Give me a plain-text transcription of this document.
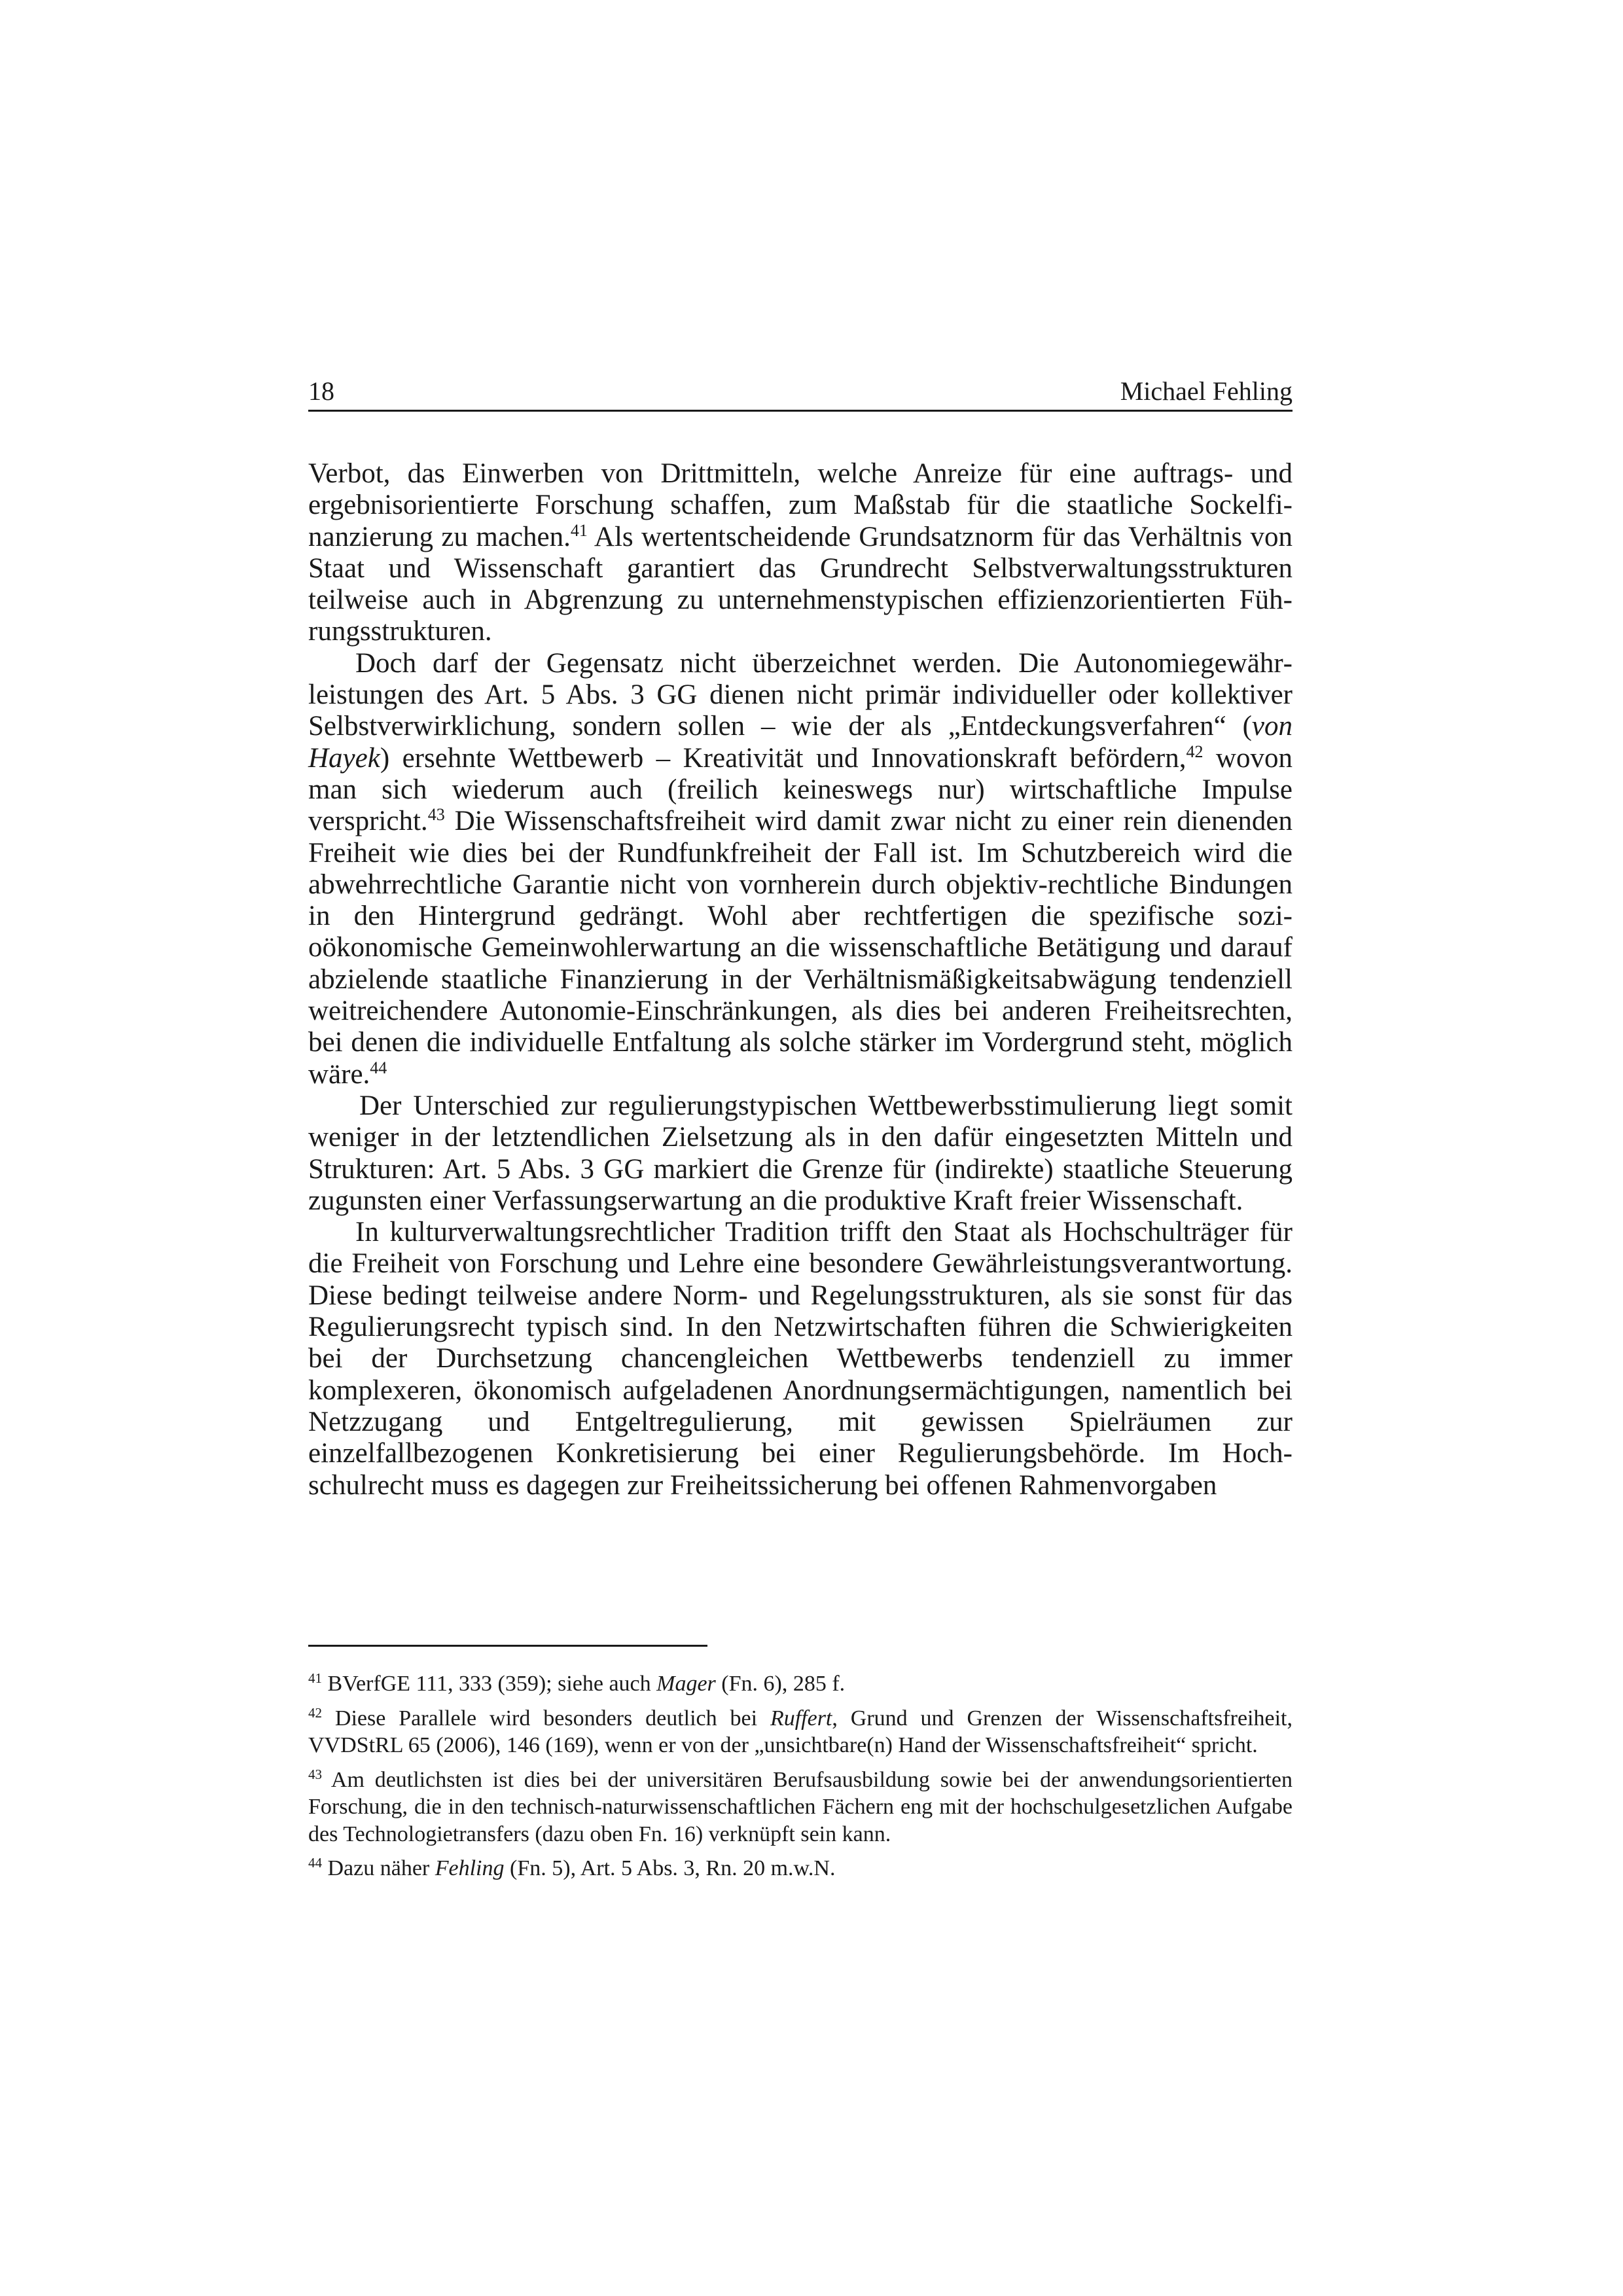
18	Michael Fehling

Verbot, das Einwerben von Drittmitteln, welche Anreize für eine auftrags- und ergebnisorientierte Forschung schaffen, zum Maßstab für die staatliche Sockelfinanzierung zu machen.$^{41}$ Als wertentscheidende Grundsatznorm für das Verhältnis von Staat und Wissenschaft garantiert das Grundrecht Selbstverwaltungsstrukturen teilweise auch in Abgrenzung zu unternehmenstypischen effizienzorientierten Führungsstrukturen.

Doch darf der Gegensatz nicht überzeichnet werden. Die Autonomiegewährleistungen des Art. 5 Abs. 3 GG dienen nicht primär individueller oder kollektiver Selbstverwirklichung, sondern sollen – wie der als „Entdeckungsverfahren“ (von Hayek) ersehnte Wettbewerb – Kreativität und Innovationskraft befördern,$^{42}$ wovon man sich wiederum auch (freilich keineswegs nur) wirtschaftliche Impulse verspricht.$^{43}$ Die Wissenschaftsfreiheit wird damit zwar nicht zu einer rein dienenden Freiheit wie dies bei der Rundfunkfreiheit der Fall ist. Im Schutzbereich wird die abwehrrechtliche Garantie nicht von vornherein durch objektiv-rechtliche Bindungen in den Hintergrund gedrängt. Wohl aber rechtfertigen die spezifische sozioökonomische Gemeinwohlerwartung an die wissenschaftliche Betätigung und darauf abzielende staatliche Finanzierung in der Verhältnismäßigkeitsabwägung tendenziell weitreichendere Autonomie-Einschränkungen, als dies bei anderen Freiheitsrechten, bei denen die individuelle Entfaltung als solche stärker im Vordergrund steht, möglich wäre.$^{44}$

Der Unterschied zur regulierungstypischen Wettbewerbsstimulierung liegt somit weniger in der letztendlichen Zielsetzung als in den dafür eingesetzten Mitteln und Strukturen: Art. 5 Abs. 3 GG markiert die Grenze für (indirekte) staatliche Steuerung zugunsten einer Verfassungserwartung an die produktive Kraft freier Wissenschaft.

In kulturverwaltungsrechtlicher Tradition trifft den Staat als Hochschulträger für die Freiheit von Forschung und Lehre eine besondere Gewährleistungsverantwortung. Diese bedingt teilweise andere Norm- und Regelungsstrukturen, als sie sonst für das Regulierungsrecht typisch sind. In den Netzwirtschaften führen die Schwierigkeiten bei der Durchsetzung chancengleichen Wettbewerbs tendenziell zu immer komplexeren, ökonomisch aufgeladenen Anordnungsermächtigungen, namentlich bei Netzzugang und Entgeltregulierung, mit gewissen Spielräumen zur einzelfallbezogenen Konkretisierung bei einer Regulierungsbehörde. Im Hochschulrecht muss es dagegen zur Freiheitssicherung bei offenen Rahmenvorgaben

$^{41}$ BVerfGE 111, 333 (359); siehe auch Mager (Fn. 6), 285 f.

$^{42}$ Diese Parallele wird besonders deutlich bei Ruffert, Grund und Grenzen der Wissenschaftsfreiheit, VVDStRL 65 (2006), 146 (169), wenn er von der „unsichtbare(n) Hand der Wissenschaftsfreiheit“ spricht.

$^{43}$ Am deutlichsten ist dies bei der universitären Berufsausbildung sowie bei der anwendungsorientierten Forschung, die in den technisch-naturwissenschaftlichen Fächern eng mit der hochschulgesetzlichen Aufgabe des Technologietransfers (dazu oben Fn. 16) verknüpft sein kann.

$^{44}$ Dazu näher Fehling (Fn. 5), Art. 5 Abs. 3, Rn. 20 m.w.N.
